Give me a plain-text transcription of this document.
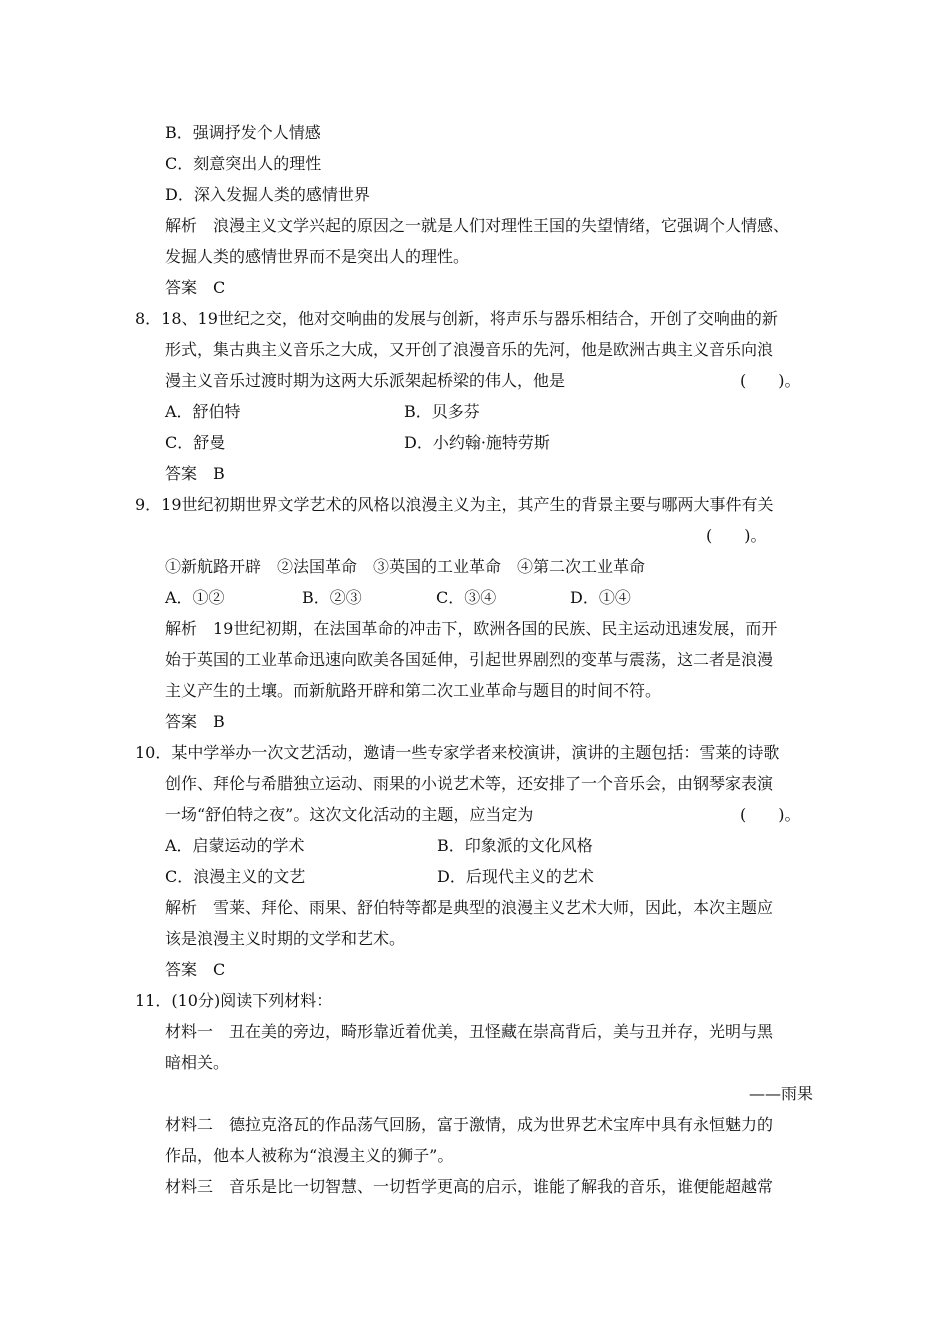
B．强调抒发个人情感
C．刻意突出人的理性
D．深入发掘人类的感情世界
解析　浪漫主义文学兴起的原因之一就是人们对理性王国的失望情绪，它强调个人情感、
发掘人类的感情世界而不是突出人的理性。
答案　C
8．18、19世纪之交，他对交响曲的发展与创新，将声乐与器乐相结合，开创了交响曲的新
形式，集古典主义音乐之大成，又开创了浪漫音乐的先河，他是欧洲古典主义音乐向浪
漫主义音乐过渡时期为这两大乐派架起桥梁的伟人，他是	(　　)。
A．舒伯特	B．贝多芬
C．舒曼	D．小约翰·施特劳斯
答案　B
9．19世纪初期世界文学艺术的风格以浪漫主义为主，其产生的背景主要与哪两大事件有关
(　　)。
①新航路开辟　②法国革命　③英国的工业革命　④第二次工业革命
A．①②	B．②③	C．③④	D．①④
解析　19世纪初期，在法国革命的冲击下，欧洲各国的民族、民主运动迅速发展，而开
始于英国的工业革命迅速向欧美各国延伸，引起世界剧烈的变革与震荡，这二者是浪漫
主义产生的土壤。而新航路开辟和第二次工业革命与题目的时间不符。
答案　B
10．某中学举办一次文艺活动，邀请一些专家学者来校演讲，演讲的主题包括：雪莱的诗歌
创作、拜伦与希腊独立运动、雨果的小说艺术等，还安排了一个音乐会，由钢琴家表演
一场“舒伯特之夜”。这次文化活动的主题，应当定为	(　　)。
A．启蒙运动的学术	B．印象派的文化风格
C．浪漫主义的文艺	D．后现代主义的艺术
解析　雪莱、拜伦、雨果、舒伯特等都是典型的浪漫主义艺术大师，因此，本次主题应
该是浪漫主义时期的文学和艺术。
答案　C
11．(10分)阅读下列材料：
材料一　丑在美的旁边，畸形靠近着优美，丑怪藏在崇高背后，美与丑并存，光明与黑
暗相关。
——雨果
材料二　德拉克洛瓦的作品荡气回肠，富于激情，成为世界艺术宝库中具有永恒魅力的
作品，他本人被称为“浪漫主义的狮子”。
材料三　音乐是比一切智慧、一切哲学更高的启示，谁能了解我的音乐，谁便能超越常
